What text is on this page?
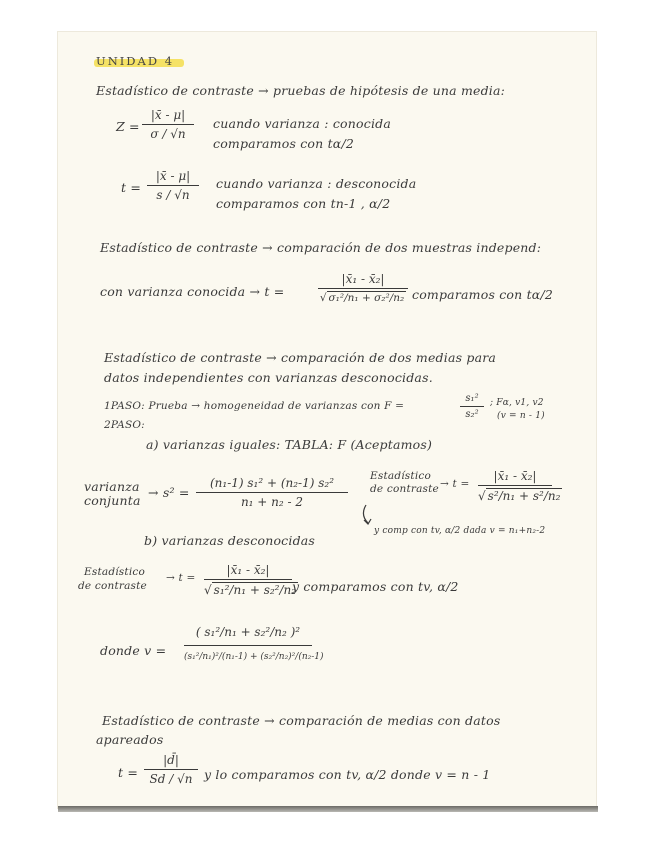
UNIDAD 4
Estadístico de contraste → pruebas de hipótesis de una media:
Z =
|x̄ - μ|
σ / √n
cuando varianza : conocida
comparamos con tα/2
t =
|x̄ - μ|
s / √n
cuando varianza : desconocida
comparamos con tn-1 , α/2
Estadístico de contraste → comparación de dos muestras independ:
con varianza conocida → t =
|x̄₁ - x̄₂|
√ σ₁²/n₁ + σ₂²/n₂ comparamos con tα/2
Estadístico de contraste → comparación de dos medias para
datos independientes con varianzas desconocidas.
1PASO: Prueba → homogeneidad de varianzas con F =
s₁²
s₂²
; Fα, v1, v2
(v = n - 1)
2PASO:
a) varianzas iguales: TABLA: F (Aceptamos)
varianza
conjunta
→ s² =
(n₁-1) s₁² + (n₂-1) s₂²
n₁ + n₂ - 2
Estadístico
de contraste → t =
|x̄₁ - x̄₂|
√ s²/n₁ + s²/n₂
y comp con tv, α/2 dada v = n₁+n₂-2
b) varianzas desconocidas
Estadístico
de contraste
→ t =
|x̄₁ - x̄₂|
√ s₁²/n₁ + s₂²/n₂
y comparamos con tv, α/2
donde v =
( s₁²/n₁ + s₂²/n₂ )²
(s₁²/n₁)²/(n₁-1) + (s₂²/n₂)²/(n₂-1)
Estadístico de contraste → comparación de medias con datos
apareados
t =
|d̄|
Sd / √n y lo comparamos con tv, α/2 donde v = n - 1
